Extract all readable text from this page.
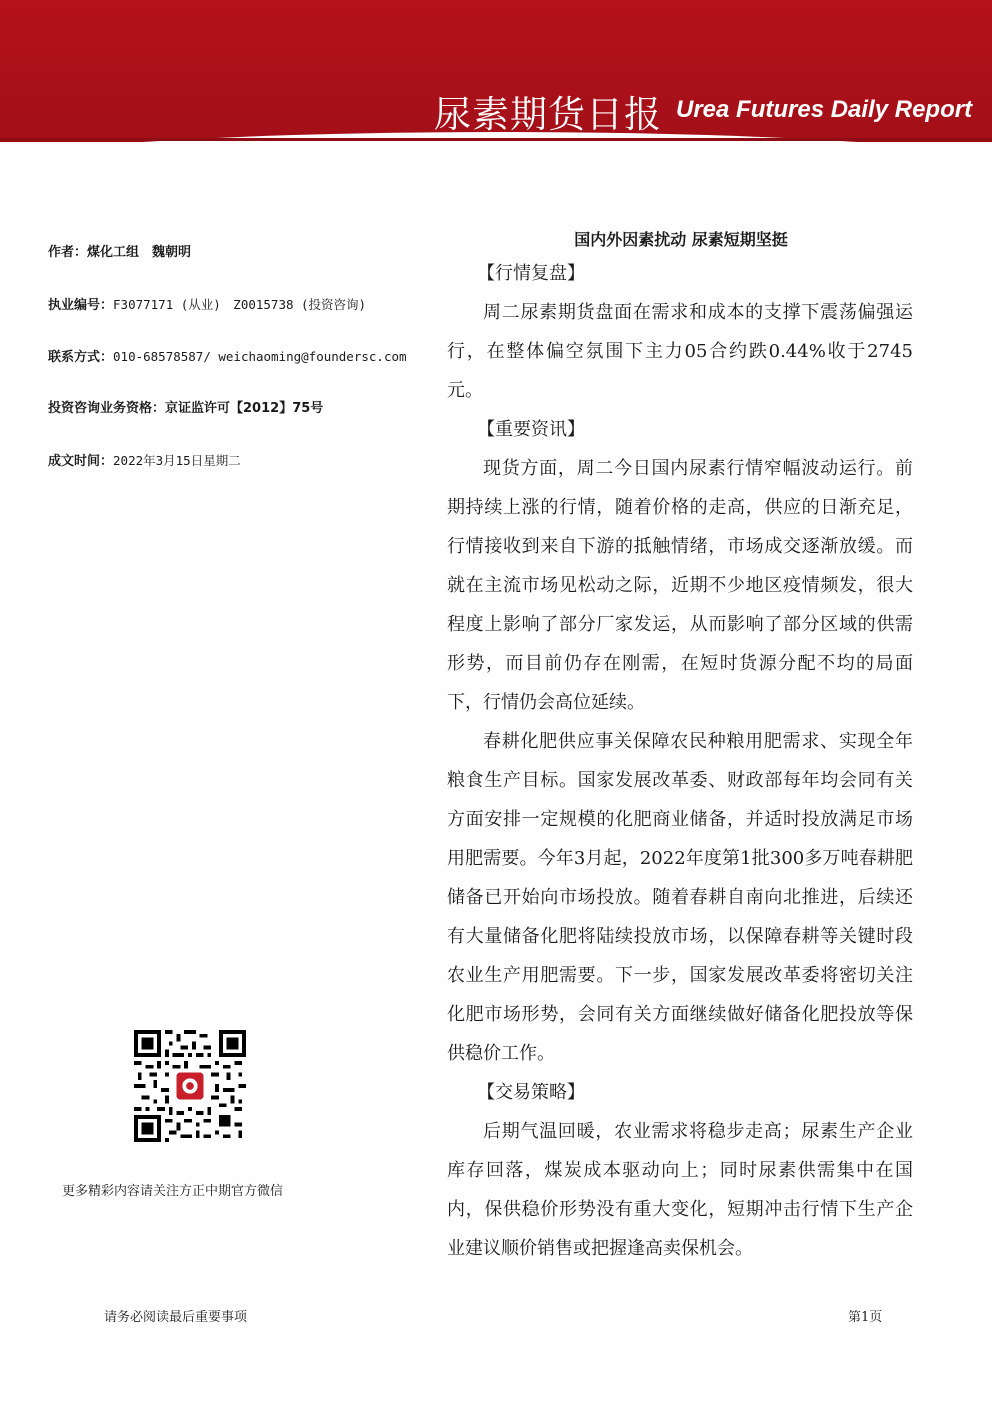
尿素期货日报 Urea Futures Daily Report
作者：煤化工组　魏朝明
执业编号：F3077171 (从业)　Z0015738 (投资咨询)
联系方式：010-68578587/ weichaoming@foundersc.com
投资咨询业务资格：京证监许可【2012】75号
成文时间：2022年3月15日星期二
更多精彩内容请关注方正中期官方微信
国内外因素扰动 尿素短期坚挺
【行情复盘】

周二尿素期货盘面在需求和成本的支撑下震荡偏强运行，在整体偏空氛围下主力05合约跌0.44%收于2745元。

【重要资讯】

现货方面，周二今日国内尿素行情窄幅波动运行。前期持续上涨的行情，随着价格的走高，供应的日渐充足，行情接收到来自下游的抵触情绪，市场成交逐渐放缓。而就在主流市场见松动之际，近期不少地区疫情频发，很大程度上影响了部分厂家发运，从而影响了部分区域的供需形势，而目前仍存在刚需，在短时货源分配不均的局面下，行情仍会高位延续。

春耕化肥供应事关保障农民种粮用肥需求、实现全年粮食生产目标。国家发展改革委、财政部每年均会同有关方面安排一定规模的化肥商业储备，并适时投放满足市场用肥需要。今年3月起，2022年度第1批300多万吨春耕肥储备已开始向市场投放。随着春耕自南向北推进，后续还有大量储备化肥将陆续投放市场，以保障春耕等关键时段农业生产用肥需要。下一步，国家发展改革委将密切关注化肥市场形势，会同有关方面继续做好储备化肥投放等保供稳价工作。

【交易策略】

后期气温回暖，农业需求将稳步走高；尿素生产企业库存回落，煤炭成本驱动向上；同时尿素供需集中在国内，保供稳价形势没有重大变化，短期冲击行情下生产企业建议顺价销售或把握逢高卖保机会。

请务必阅读最后重要事项	第1页
